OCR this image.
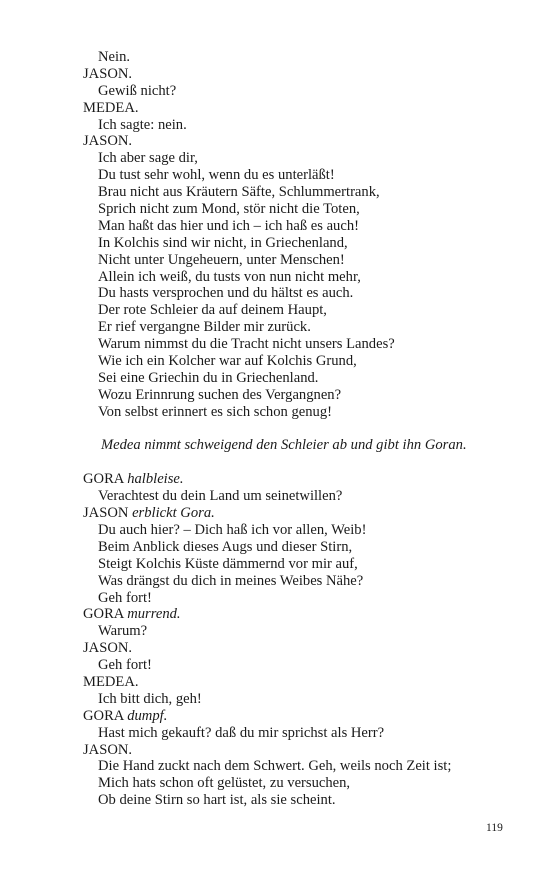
Nein.
JASON.
Gewiß nicht?
MEDEA.
Ich sagte: nein.
JASON.
Ich aber sage dir,
Du tust sehr wohl, wenn du es unterläßt!
Brau nicht aus Kräutern Säfte, Schlummertrank,
Sprich nicht zum Mond, stör nicht die Toten,
Man haßt das hier und ich – ich haß es auch!
In Kolchis sind wir nicht, in Griechenland,
Nicht unter Ungeheuern, unter Menschen!
Allein ich weiß, du tusts von nun nicht mehr,
Du hasts versprochen und du hältst es auch.
Der rote Schleier da auf deinem Haupt,
Er rief vergangne Bilder mir zurück.
Warum nimmst du die Tracht nicht unsers Landes?
Wie ich ein Kolcher war auf Kolchis Grund,
Sei eine Griechin du in Griechenland.
Wozu Erinnrung suchen des Vergangnen?
Von selbst erinnert es sich schon genug!
Medea nimmt schweigend den Schleier ab und gibt ihn Goran.
GORA halbleise.
Verachtest du dein Land um seinetwillen?
JASON erblickt Gora.
Du auch hier? – Dich haß ich vor allen, Weib!
Beim Anblick dieses Augs und dieser Stirn,
Steigt Kolchis Küste dämmernd vor mir auf,
Was drängst du dich in meines Weibes Nähe?
Geh fort!
GORA murrend.
Warum?
JASON.
Geh fort!
MEDEA.
Ich bitt dich, geh!
GORA dumpf.
Hast mich gekauft? daß du mir sprichst als Herr?
JASON.
Die Hand zuckt nach dem Schwert. Geh, weils noch Zeit ist;
Mich hats schon oft gelüstet, zu versuchen,
Ob deine Stirn so hart ist, als sie scheint.
119
